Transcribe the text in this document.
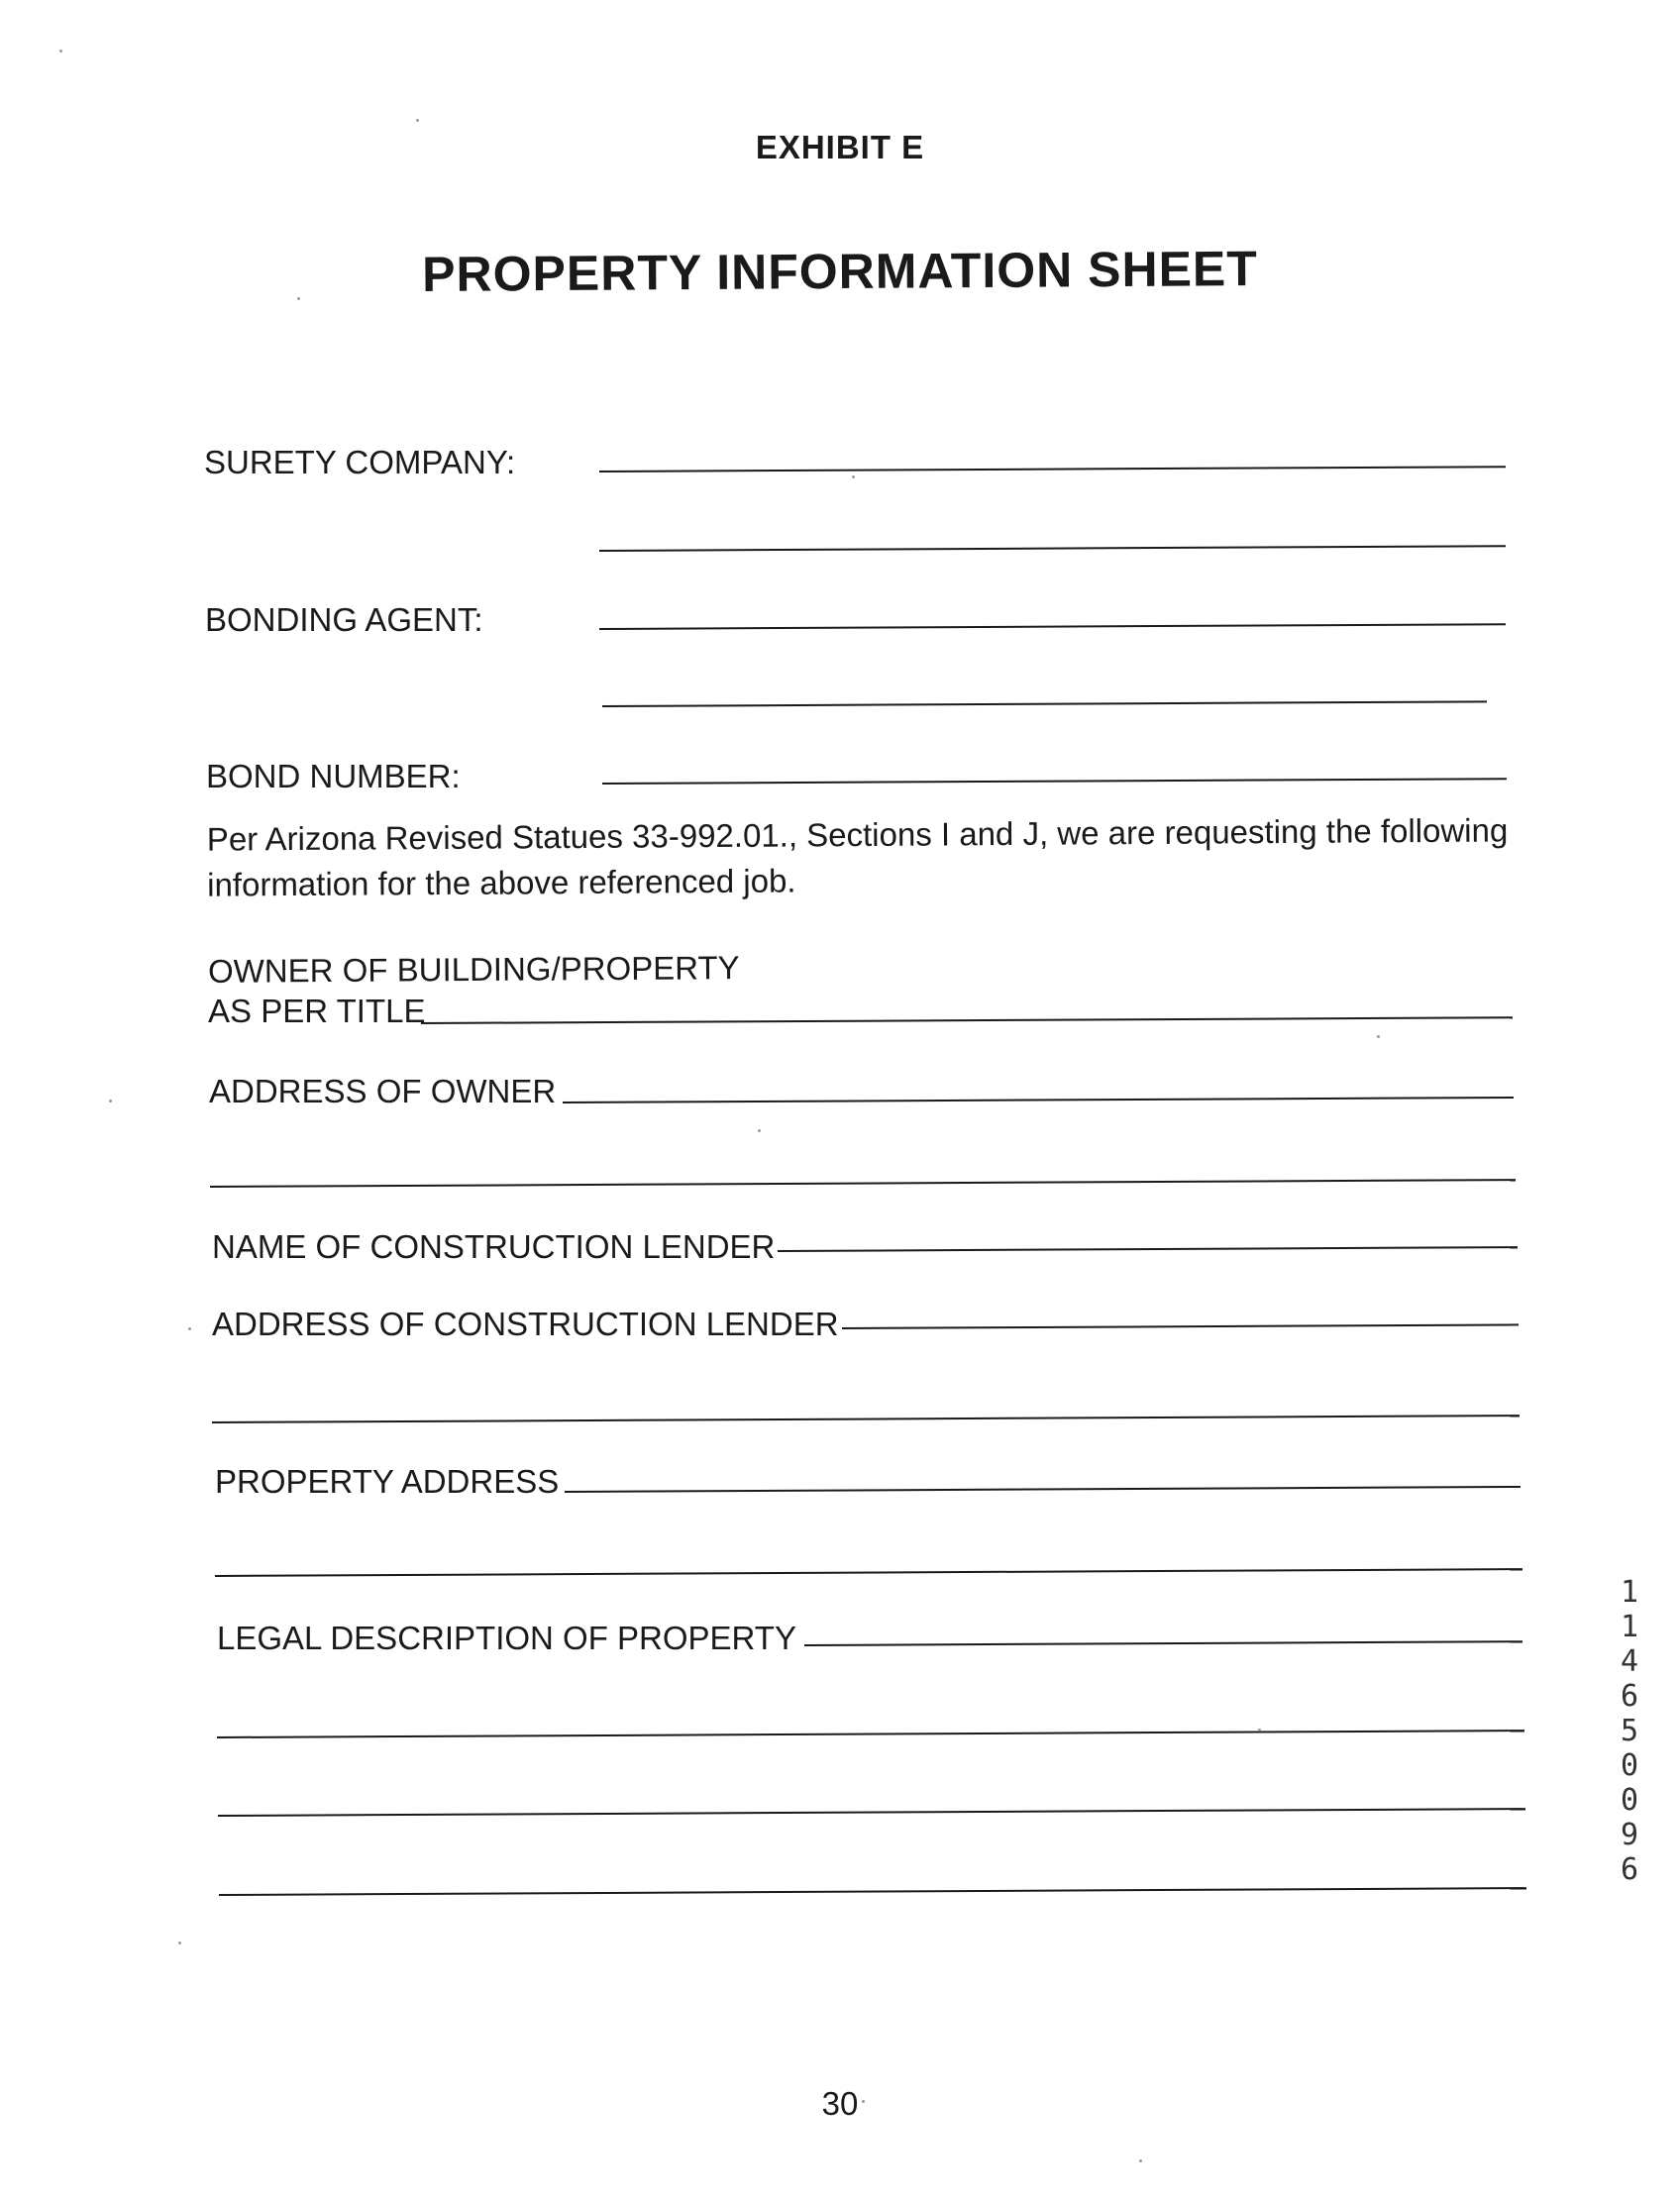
EXHIBIT E
PROPERTY INFORMATION SHEET
SURETY COMPANY:
BONDING AGENT:
BOND NUMBER:
Per Arizona Revised Statues 33-992.01., Sections I and J, we are requesting the following information for the above referenced job.
OWNER OF BUILDING/PROPERTY
AS PER TITLE
ADDRESS OF OWNER
NAME OF CONSTRUCTION LENDER
ADDRESS OF CONSTRUCTION LENDER
PROPERTY ADDRESS
LEGAL DESCRIPTION OF PROPERTY
30
11465 0096
